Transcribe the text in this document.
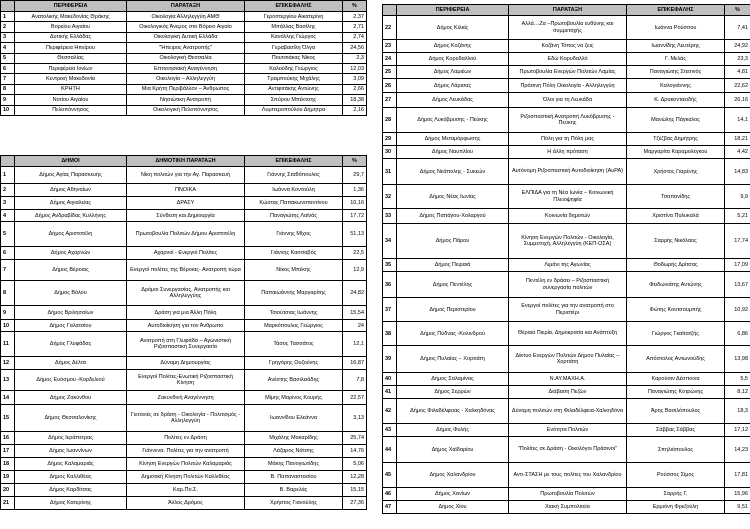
	ΠΕΡΙΦΕΡΕΙΑ	ΠΑΡΑΤΑΞΗ	ΕΠΙΚΕΦΑΛΗΣ	%
1	Ανατολικής Μακεδονίας Θράκης	Οικολογία Αλληλεγγύη ΑΜΘ	Γεροστεργίου Αικατερίνη	2,37
2	Βορείου Αιγαίου	Οικολογικός Άνεμος στο Βόρειο Αιγαίο	Μπάλλας Βασίλης	2,71
3	Δυτικής Ελλάδας	Οικολογική Δυτική Ελλάδα	Κανόλλης Γιώργος	2,74
4	Περιφέρεια Ηπείρου	"Ήπειρος Ανατροπής"	Γεραβασίλη Όλγα	24,56
5	Θεσσαλίας	Οικολογική Θεσσαλία	Πουτσιάκας Νίκος	2,3
6	Περιφέρεια Ιονίων	Επτανησιακή Αναγέννηση	Καλούδης Γεώργιος	12,03
7	Κεντρική Μακεδονία	Οικολογία – Αλληλεγγύη	Τραμπούκης Μιχάλης	3,09
8	ΚΡΗΤΗ	Μια Κρήτη Περιβάλλον – Άνθρωπος	Αντιφιτάκης Αντώνης	2,66
9	Νοτίου Αιγαίου	Νησιώτικη Ανατροπή	Σπύρου Μπέκτσης	18,38
10	Πελοπόννησος	Οικολογική Πελοπόννησος	Λυμπεροπούλου Δήμητρα	2,16
	ΔΗΜΟΙ	ΔΗΜΟΤΙΚΗ ΠΑΡΑΤΑΞΗ	ΕΠΙΚΕΦΑΛΗΣ	%
1	Δήμος Αγίας Παρασκευής	Νίκη πολιτών για την Αγ. Παρασκευή	Γιάννης Σταθόπουλος	29,7
2	Δήμος Αθηναίων	ΠΝΟΙΚΑ	Ιωάννα Κοντούλη	1,36
3	Δήμος Αιγιαλείας	ΔΡΑΣΥ	Κώστας Παπακωνσταντίνου	10,16
4	Δήμος Ανδραβίδας Κυλλήνης	Σύνθεση και Δημιουργία	Παναγιώτης Λαϊνάς	17,72
5	Δήμος Αριστοτέλη	Πρωτοβουλία Πολιτών Δήμου Αριστοτέλη	Γιάννης Μίχος	51,13
6	Δήμος Αχαρνών	Αχαρνοί - Ενεργοί Πολίτες	Γιάννης Κασσαβός	22,5
7	Δήμος Βέροιας	Ενεργοί πολίτες της Βέροιας- Ανατροπή τώρα	Νίκος Μπέκης	12,9
8	Δήμος Βόλου	Δρόμοι Συνεργασίας, Ανατροπής και Αλληλεγγύης	Παπαιωάννης Μαργαρίτης	24,82
9	Δήμος Βριλησσίων	Δράση για μια Άλλη Πόλη	Τσιούτσιας Ιωάννης	15,54
10	Δήμος Γαλατσίου	Αυτοδιοίκηση για τον Άνθρωπο	Μαρκόπουλος Γεώργιος	24
11	Δήμος Γλυφάδας	Ανατροπή στη Γλυφάδα – Αγωνιστική Ριζοσπαστική Συνεργασία	Τάσος Τασσάτος	12,1
12	Δήμος Δέλτα	Δύναμη Δημιουργίας	Γρηγόρης Ουζούνης	16,87
13	Δήμος Ευόσμου -Κορδελιού	Ενεργοί Πολίτες-Ενωτική Ριζοσπαστική Κίνηση	Ανέστης Βασιλειάδης	7,8
14	Δήμος Ζακύνθου	Ζακυνθινή Αναγέννηση	Μίμης Μαρίνος Κουρής	22,57
15	Δήμος Θεσσαλονίκης	Γειτονιές σε δράση - Οικολογία - Πολιτισμός - Αλληλεγγύη	Ιωαννίδου Ελεάννα	3,13
16	Δήμος Ιεράπετρας	Πολίτες εν Δράση	Μιχάλης Μακαρίδης	25,74
17	Δήμος Ιωαννίνων	Γιάννενα. Πολίτες για την ανατροπή	Λάζαρος Νάτσης	14,76
18	Δήμος Καλαμαριάς	Κίνηση Ενεργών Πολιτών Καλαμαριάς	Μάκης Πανογιωτίδης	5,06
19	Δήμος Καλλιθέας	Δημοτική Κίνηση Πολιτών Καλλιθέας	Β. Παπαναστασίου	12,28
20	Δήμος Καρδίτσας	Καρ.Πο.Σ.	Β. Βαρελάς	15,15
21	Δήμος Κατερίνης	Άλλος Δρόμος	Χρήστος Γιανούλης	27,36
	ΠΕΡΙΦΕΡΕΙΑ	ΠΑΡΑΤΑΞΗ	ΕΠΙΚΕΦΑΛΗΣ	%
22	Δήμος Κιλκίς	Αλλά…Ζα –Πρωτοβουλία ευθύνης και συμμετοχής	Ιωάννα Ρούσσου	7,41
23	Δήμος Κοζάνης	Κοζάνη Τόπος να ζεις	Ιωαννίδης Λευτέρης	24,92
24	Δήμος Κορυδαλλού	Εδώ Κορυδαλλό	Γ. Μελάς	23,3
25	Δήμος Λαμιέων	Πρωτοβουλία Ενεργών Πολιτών Λαμίας	Παναγιώτης Στεσινός	4,81
26	Δήμος Λάρισας	Πράσινη Πόλη Οικολογία - Αλληλεγγύη	Καλογιάννης	22,62
27	Δήμος Λευκάδας	Όλοι για τη Λευκάδα	Κ. Δρακονταειδής	26,16
28	Δήμος Λυκόβρυσης - Πεύκης	Ριζοσπαστική Ανατροπή Λυκόβρυσης - Πεύκης	Μανώλης Πάγκαλος	14,1
29	Δήμος Μεταμόρφωσης	Πόλη για τη Πόλη μας	Τζέζβας Δημήτρης	18,21
30	Δήμος Ναυπλίου	Η άλλη πρόταση	Μαργαρίτα Καραμολέγκου	4,42
31	Δήμος Νεάπολης - Συκεών	Αυτόνομη Ριζοσπαστική Αυτοδιοίκηση (ΑυΡΑ)	Χρήστος Γιαρένης	14,83
32	Δήμος Νέας Ιωνίας	ΕΛΠΙΔΑ για τη Νέα Ιωνία – Κοινωνική Πλειοψηφία	Τσαπανίδης	9,9
33	Δήμος Παπάγου-Χολαργού	Κοινωνία δημοτών	Χριστίνα Πολυκαλά	5,21
34	Δήμος Πάρου	Κίνηση Ενεργών Πολιτών - Οικολογία, Συμμετοχή, Αλληλεγγύη (ΚΕΠ-ΟΣΑ)	Σαρρής Νικόλαος	17,74
35	Δήμος Πειραιά	Λιμάνι της Αγωνίας	Θοδωρής Δρίτσας	17,09
36	Δήμος Πεντέλης	Πεντέλη εν δράσει – Ριζοσπαστική συνεργασία πολιτών	Φειδωνιάτης Αντώνης	13,67
37	Δήμος Περιστερίου	Ενεργοί πολίτες για την ανατροπή στο Περιστέρι	Φώτης Κουτσουμπής	10,92
38	Δήμος Πύδνας -Κολινδρού	Θέραια Πιερία, Δημοκρατία και Ανάπτυξη	Γιώργος Γκαϊτατζής	6,86
39	Δήμος Πυλαίας – Χορτιάτη	Δίκτυο Ενεργών Πολιτών Δήμου Πυλαίας – Χορτιάτη	Απόστολος Αντωνούδης	13,98
40	Δήμος Σαλαμίνας	Ν.ΑΥ.ΜΑΧΗ.Α.	Καρούσιν Δέσποινα	5,5
41	Δήμος Σερρών	Διάβαση Πεζών	Παναγιώτης Κοτρώνης	8,12
42	Δήμος Φιλαδέλφειας - Χαλκηδόνας	Δύναμη πολιτών στη Φιλαδέλφεια-Χαλκηδόνα	Άρης Βασιλόπουλος	18,3
43	Δήμος Φυλής	Ενότητα Πολιτών	Σάββας Σάββας	17,12
44	Δήμος Χαϊδαρίου	"Πολίτες σε Δράση - Οικολόγοι Πράσινοι"	Σπηλιόπουλος	14,23
45	Δήμος Χαλανδρίου	Αντι-ΣΤΑΣΗ με τους πολίτες του Χαλανδρίου	Ρούσσος Σίμος	17,81
46	Δήμος Χανίων	Πρωτοβουλία Πολιτών	Σαρρής Γ.	15,96
47	Δήμος Χίου	Χιακή Συμπολιτεία	Ερμιόνη Φρεζούλη	9,51
